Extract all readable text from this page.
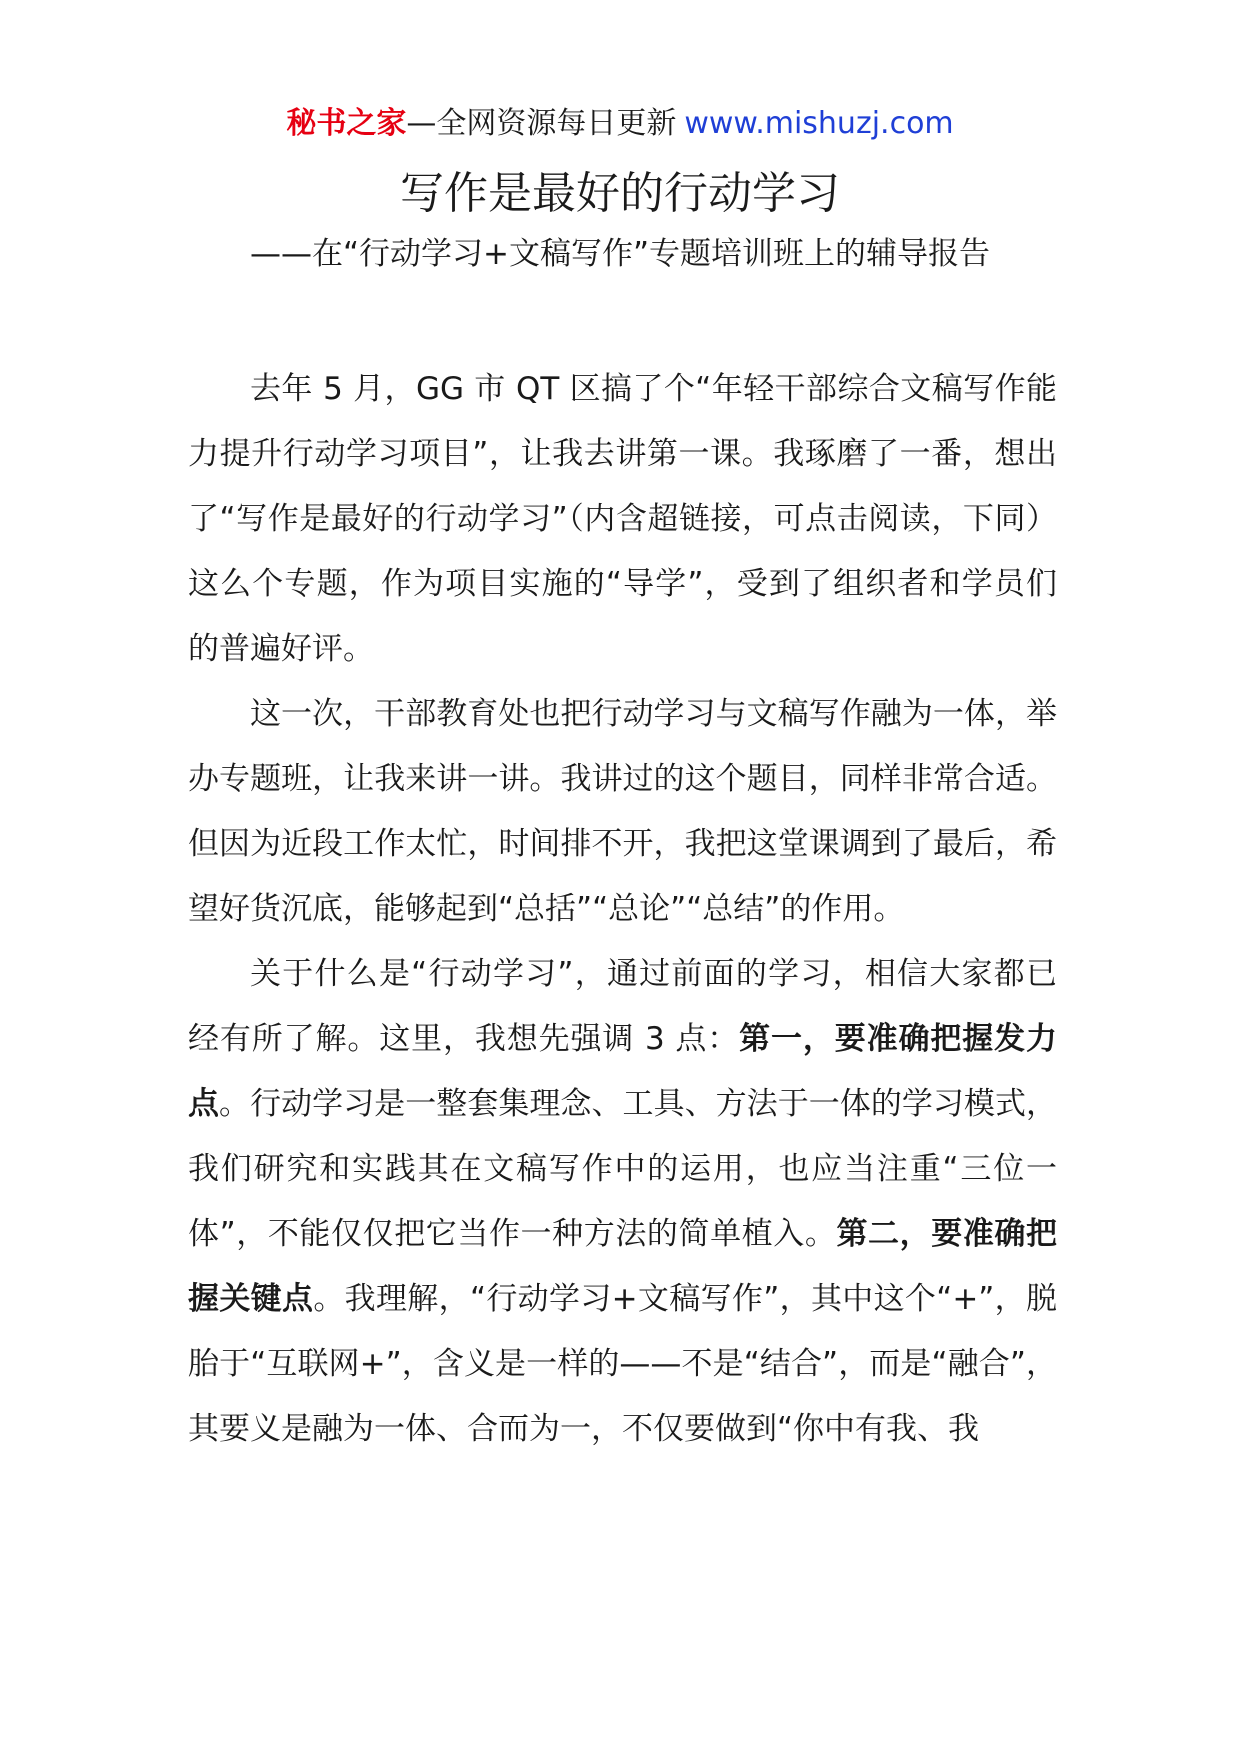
秘书之家—全网资源每日更新 www.mishuzj.com
写作是最好的行动学习
——在“行动学习+文稿写作”专题培训班上的辅导报告

去年 5 月，GG 市 QT 区搞了个“年轻干部综合文稿写作能力提升行动学习项目”，让我去讲第一课。我琢磨了一番，想出了“写作是最好的行动学习”（内含超链接，可点击阅读，下同）这么个专题，作为项目实施的“导学”，受到了组织者和学员们的普遍好评。

这一次，干部教育处也把行动学习与文稿写作融为一体，举办专题班，让我来讲一讲。我讲过的这个题目，同样非常合适。但因为近段工作太忙，时间排不开，我把这堂课调到了最后，希望好货沉底，能够起到“总括”“总论”“总结”的作用。

关于什么是“行动学习”，通过前面的学习，相信大家都已经有所了解。这里，我想先强调 3 点：第一，要准确把握发力点。行动学习是一整套集理念、工具、方法于一体的学习模式，我们研究和实践其在文稿写作中的运用，也应当注重“三位一体”，不能仅仅把它当作一种方法的简单植入。第二，要准确把握关键点。我理解，“行动学习+文稿写作”，其中这个“+”，脱胎于“互联网+”，含义是一样的——不是“结合”，而是“融合”，其要义是融为一体、合而为一，不仅要做到“你中有我、我
